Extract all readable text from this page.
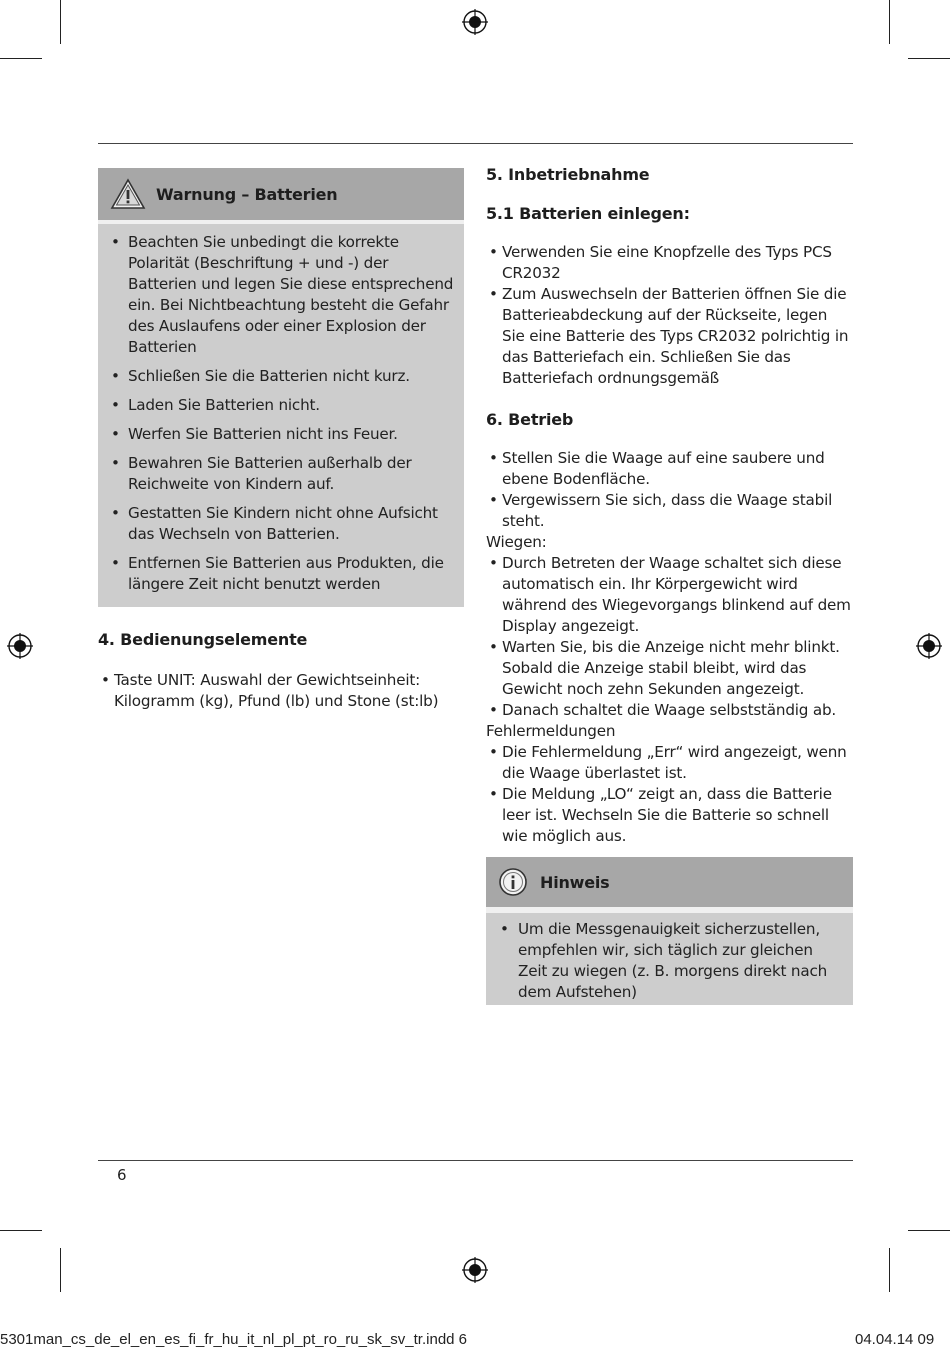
Warnung – Batterien
• Beachten Sie unbedingt die korrekte Polarität (Beschriftung + und -) der Batterien und legen Sie diese entsprechend ein. Bei Nichtbeachtung besteht die Gefahr des Auslaufens oder einer Explosion der Batterien
• Schließen Sie die Batterien nicht kurz.
• Laden Sie Batterien nicht.
• Werfen Sie Batterien nicht ins Feuer.
• Bewahren Sie Batterien außerhalb der Reichweite von Kindern auf.
• Gestatten Sie Kindern nicht ohne Aufsicht das Wechseln von Batterien.
• Entfernen Sie Batterien aus Produkten, die längere Zeit nicht benutzt werden
4. Bedienungselemente
• Taste UNIT: Auswahl der Gewichtseinheit: Kilogramm (kg), Pfund (lb) und Stone (st:lb)
5. Inbetriebnahme
5.1 Batterien einlegen:
• Verwenden Sie eine Knopfzelle des Typs PCS CR2032
• Zum Auswechseln der Batterien öffnen Sie die Batterieabdeckung auf der Rückseite, legen Sie eine Batterie des Typs CR2032 polrichtig in das Batteriefach ein. Schließen Sie das Batteriefach ordnungsgemäß
6. Betrieb
• Stellen Sie die Waage auf eine saubere und ebene Bodenfläche.
• Vergewissern Sie sich, dass die Waage stabil steht.

Wiegen:

• Durch Betreten der Waage schaltet sich diese automatisch ein. Ihr Körpergewicht wird während des Wiegevorgangs blinkend auf dem Display angezeigt.
• Warten Sie, bis die Anzeige nicht mehr blinkt. Sobald die Anzeige stabil bleibt, wird das Gewicht noch zehn Sekunden angezeigt.
• Danach schaltet die Waage selbstständig ab.

Fehlermeldungen

• Die Fehlermeldung „Err“ wird angezeigt, wenn die Waage überlastet ist.
• Die Meldung „LO“ zeigt an, dass die Batterie leer ist. Wechseln Sie die Batterie so schnell wie möglich aus.
Hinweis
• Um die Messgenauigkeit sicherzustellen, empfehlen wir, sich täglich zur gleichen Zeit zu wiegen (z. B. morgens direkt nach dem Aufstehen)
6
5301man_cs_de_el_en_es_fi_fr_hu_it_nl_pl_pt_ro_ru_sk_sv_tr.indd 6	04.04.14 09
